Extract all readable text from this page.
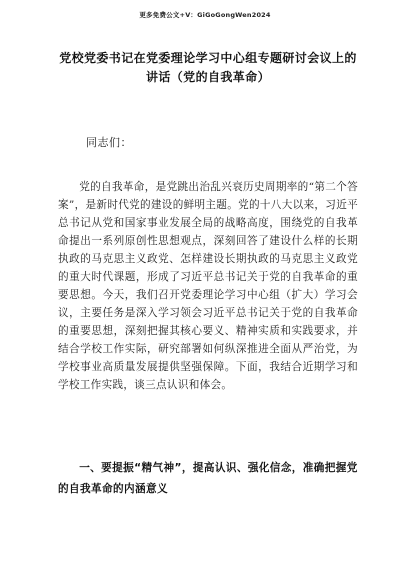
更多免费公文+V：GiGoGongWen2024
党校党委书记在党委理论学习中心组专题研讨会议上的讲话（党的自我革命）
同志们：

党的自我革命，是党跳出治乱兴衰历史周期率的“第二个答案”，是新时代党的建设的鲜明主题。党的十八大以来，习近平总书记从党和国家事业发展全局的战略高度，围绕党的自我革命提出一系列原创性思想观点，深刻回答了建设什么样的长期执政的马克思主义政党、怎样建设长期执政的马克思主义政党的重大时代课题，形成了习近平总书记关于党的自我革命的重要思想。今天，我们召开党委理论学习中心组（扩大）学习会议，主要任务是深入学习领会习近平总书记关于党的自我革命的重要思想，深刻把握其核心要义、精神实质和实践要求，并结合学校工作实际，研究部署如何纵深推进全面从严治党，为学校事业高质量发展提供坚强保障。下面，我结合近期学习和学校工作实践，谈三点认识和体会。

一、要提振“精气神”，提高认识、强化信念，准确把握党的自我革命的内涵意义
